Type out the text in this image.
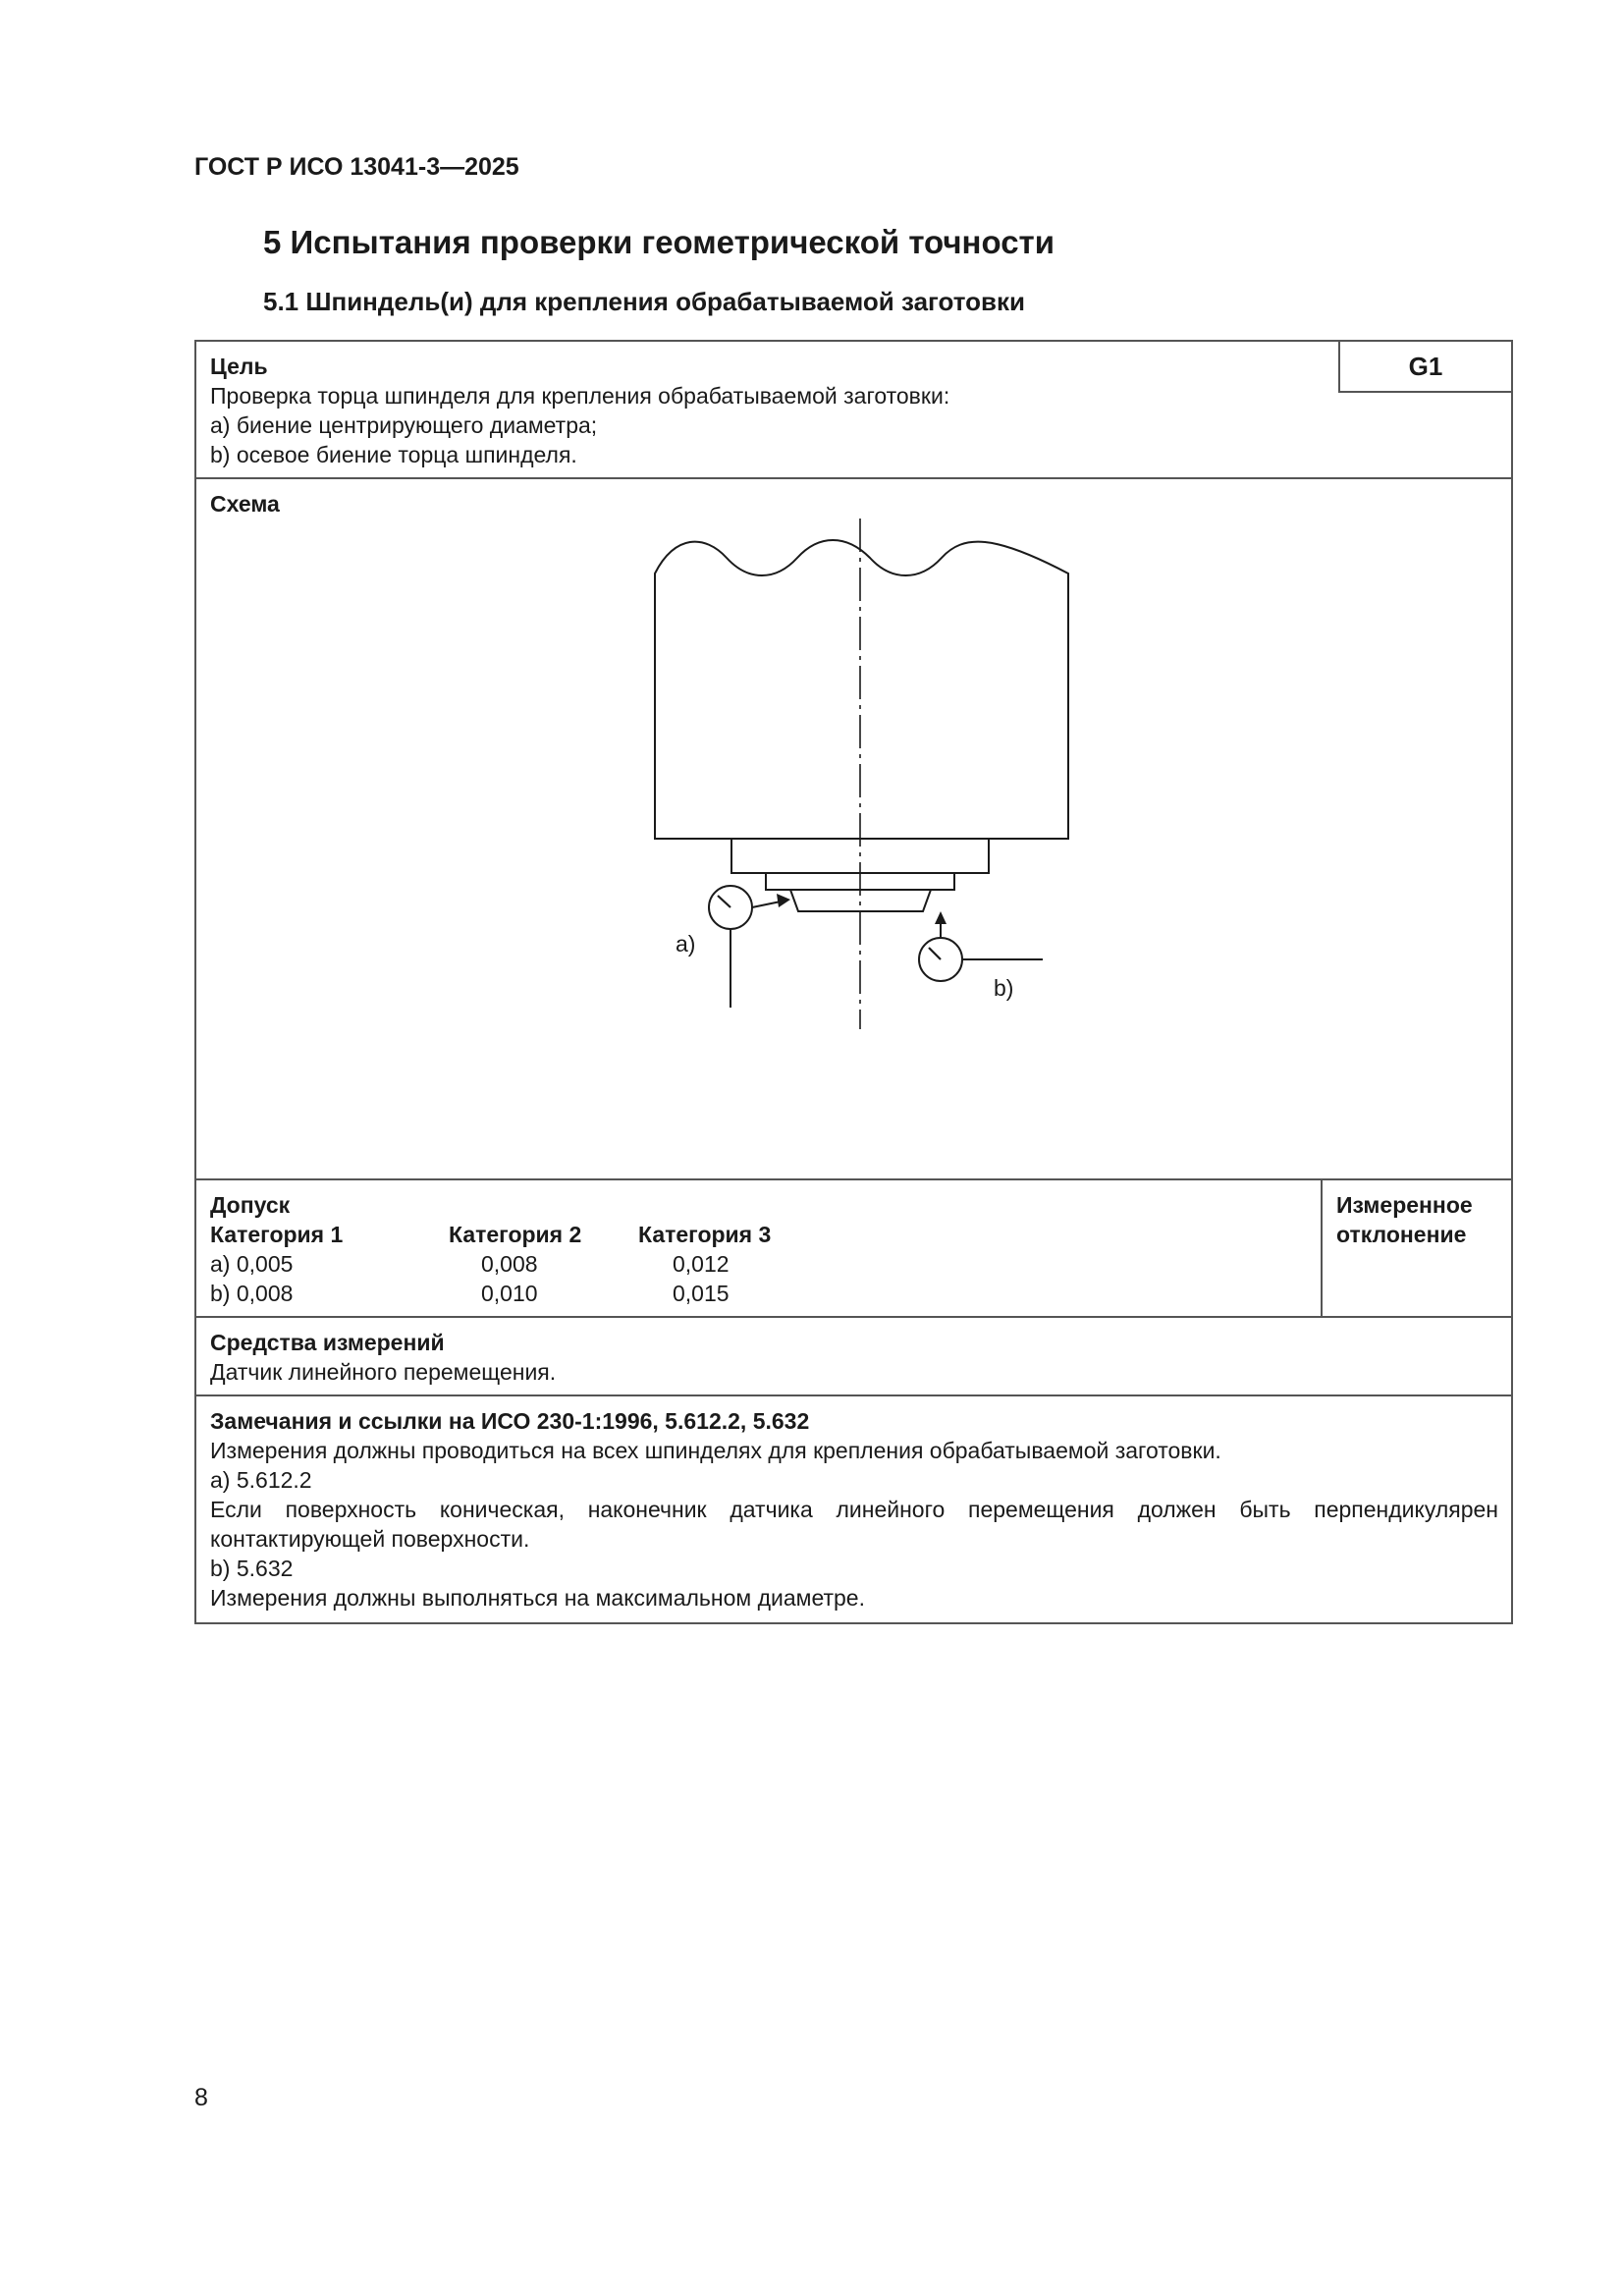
ГОСТ Р ИСО 13041-3—2025
5 Испытания проверки геометрической точности
5.1 Шпиндель(и) для крепления обрабатываемой заготовки
Цель	G1
Проверка торца шпинделя для крепления обрабатываемой заготовки:
a) биение центрирующего диаметра;
b) осевое биение торца шпинделя.
Схема
a)
b)
Допуск
Категория 1	Категория 2	Категория 3
a) 0,005	0,008	0,012
b) 0,008	0,010	0,015
Измеренное
отклонение
Средства измерений
Датчик линейного перемещения.
Замечания и ссылки на ИСО 230-1:1996, 5.612.2, 5.632
Измерения должны проводиться на всех шпинделях для крепления обрабатываемой заготовки.
a) 5.612.2
Если поверхность коническая, наконечник датчика линейного перемещения должен быть перпендикулярен
контактирующей поверхности.
b) 5.632
Измерения должны выполняться на максимальном диаметре.
8
